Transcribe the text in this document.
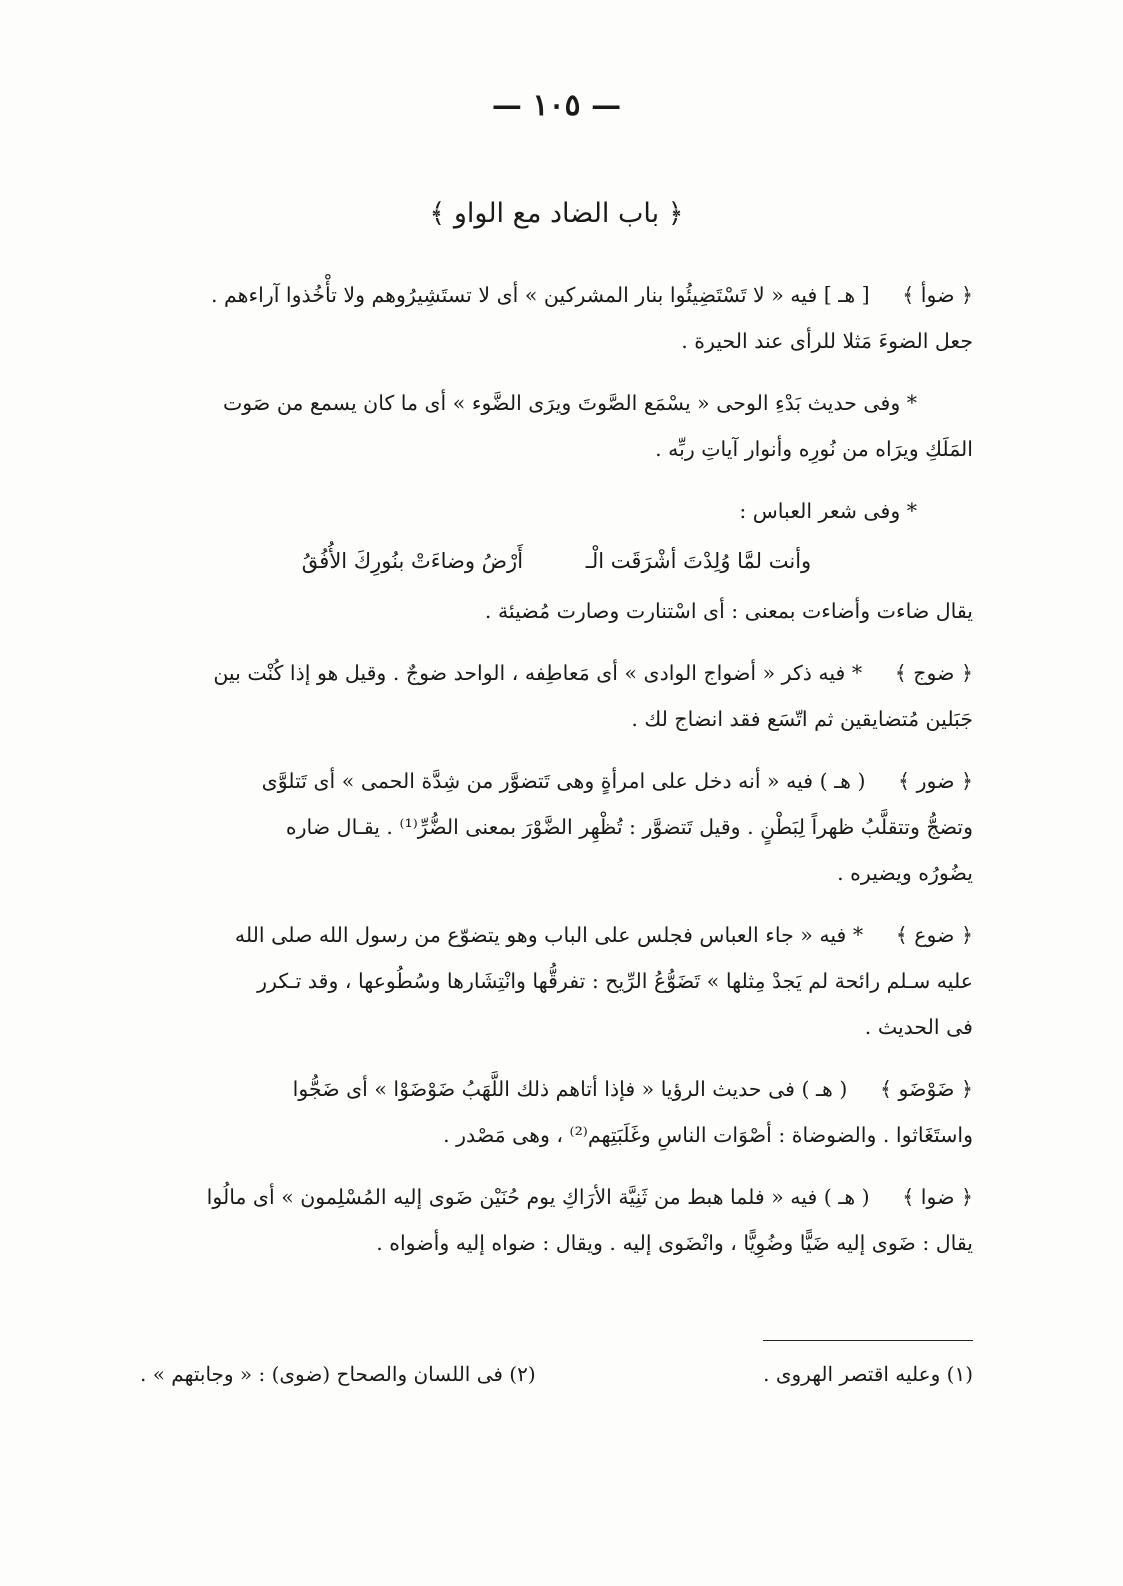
— ١٠٥ —
﴿ باب الضاد مع الواو ﴾

﴿ ضوأ ﴾     [ هـ ] فيه « لا تَسْتَضِيئُوا بنار المشركين » أى لا تستَشِيرُوهم ولا تأْخُذوا آراءهم .

جعل الضوءَ مَثلا للرأى عند الحيرة .

* وفى حديث بَدْءِ الوحى « يسْمَع الصَّوتَ ويرَى الضَّوء » أى ما كان يسمع من صَوت

المَلَكِ ويرَاه من نُورِه وأنوار آياتِ ربِّه .

* وفى شعر العباس :

وأنت لمَّا وُلِدْتَ أشْرَقَت الْـ أَرْضُ وضاءَتْ بنُورِكَ الأُفُقُ

يقال ضاءت وأضاءت بمعنى : أى اسْتنارت وصارت مُضيئة .

﴿ ضوج ﴾     * فيه ذكر « أضواج الوادى » أى مَعاطِفه ، الواحد ضوجٌ . وقيل هو إذا كُنْت بين

جَبَلين مُتضايقين ثم اتّسَع فقد انضاج لك .

﴿ ضور ﴾     ( هـ ) فيه « أنه دخل على امرأةٍ وهى تَتضوَّر من شِدَّة الحمى » أى تَتلوَّى

وتضجُّ وتتقلَّبُ ظهراً لِبَطْنٍ . وقيل تَتضوَّر : تُظْهِر الضَّوْرَ بمعنى الضُّرِّ⁽¹⁾ . يقـال ضاره

يضُورُه ويضيره .

﴿ ضوع ﴾     * فيه « جاء العباس فجلس على الباب وهو يتضوّع من رسول الله صلى الله

عليه سـلم رائحة لم يَجدْ مِثلها » تَضَوُّعُ الرِّيح : تفرقُّها وانْتِشَارها وسُطُوعها ، وقد تـكرر

فى الحديث .

﴿ ضَوْضَو ﴾     ( هـ ) فى حديث الرؤيا « فإذا أتاهم ذلك اللَّهَبُ ضَوْضَوْا » أى ضَجُّوا

واستَغَاثوا . والضوضاة : أصْوَات الناسِ وغَلَبَتِهم⁽²⁾ ، وهى مَصْدر .

﴿ ضوا ﴾     ( هـ ) فيه « فلما هبط من ثَنِيَّة الأرَاكِ يوم حُنَيْن ضَوى إليه المُسْلِمون » أى مالُوا

يقال : ضَوى إليه ضَيًّا وضُوِيًّا ، وانْضَوى إليه . ويقال : ضواه إليه وأضواه .

(١) وعليه اقتصر الهروى .
(٢) فى اللسان والصحاح (ضوى) : « وجابتهم » .
